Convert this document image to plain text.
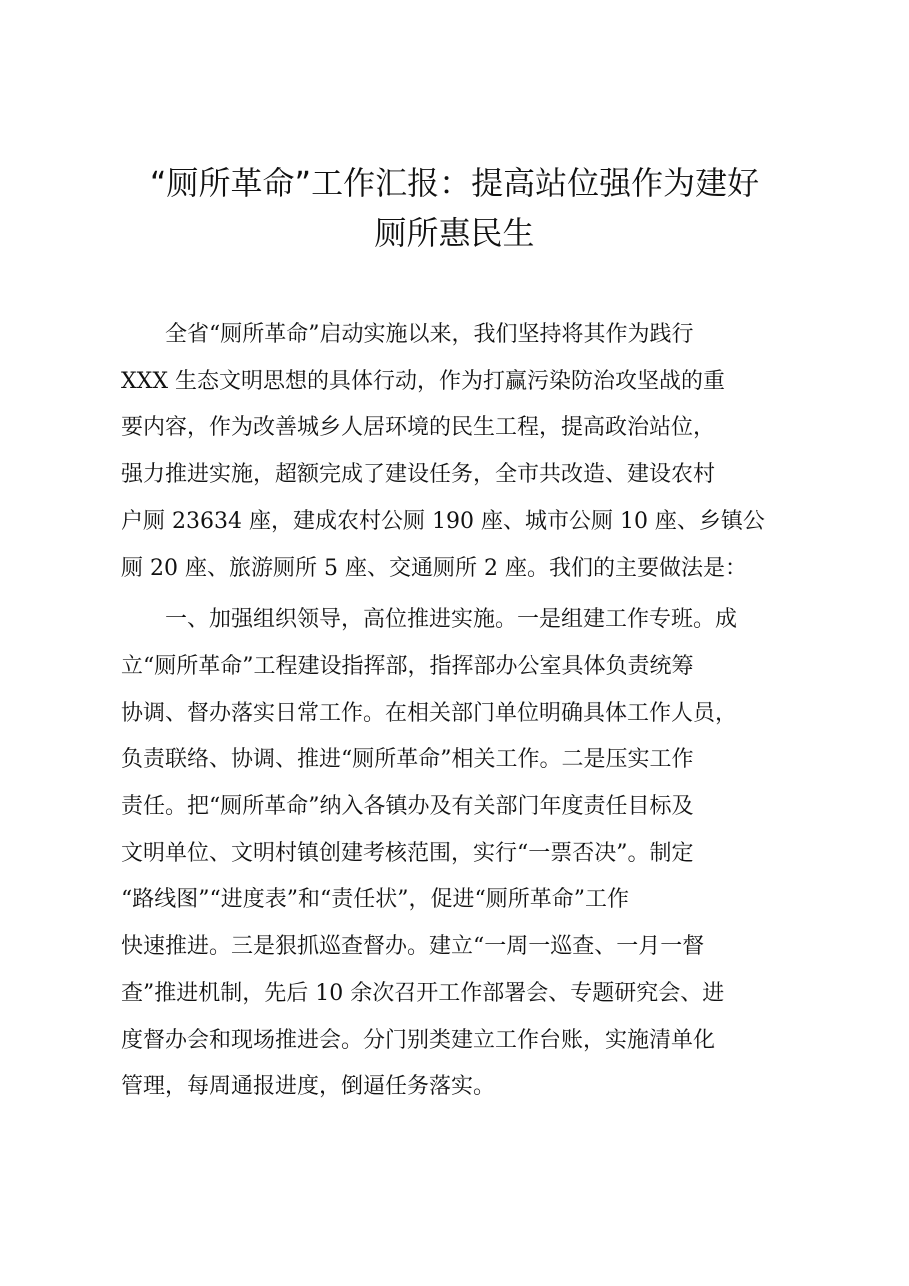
“厕所革命”工作汇报：提高站位强作为建好
厕所惠民生
全省“厕所革命”启动实施以来，我们坚持将其作为践行
XXX 生态文明思想的具体行动，作为打赢污染防治攻坚战的重
要内容，作为改善城乡人居环境的民生工程，提高政治站位，
强力推进实施，超额完成了建设任务，全市共改造、建设农村
户厕 23634 座，建成农村公厕 190 座、城市公厕 10 座、乡镇公
厕 20 座、旅游厕所 5 座、交通厕所 2 座。我们的主要做法是：
一、加强组织领导，高位推进实施。一是组建工作专班。成
立“厕所革命”工程建设指挥部，指挥部办公室具体负责统筹
协调、督办落实日常工作。在相关部门单位明确具体工作人员，
负责联络、协调、推进“厕所革命”相关工作。二是压实工作
责任。把“厕所革命”纳入各镇办及有关部门年度责任目标及
文明单位、文明村镇创建考核范围，实行“一票否决”。制定
“路线图”“进度表”和“责任状”，促进“厕所革命”工作
快速推进。三是狠抓巡查督办。建立“一周一巡查、一月一督
查”推进机制，先后 10 余次召开工作部署会、专题研究会、进
度督办会和现场推进会。分门别类建立工作台账，实施清单化
管理，每周通报进度，倒逼任务落实。
